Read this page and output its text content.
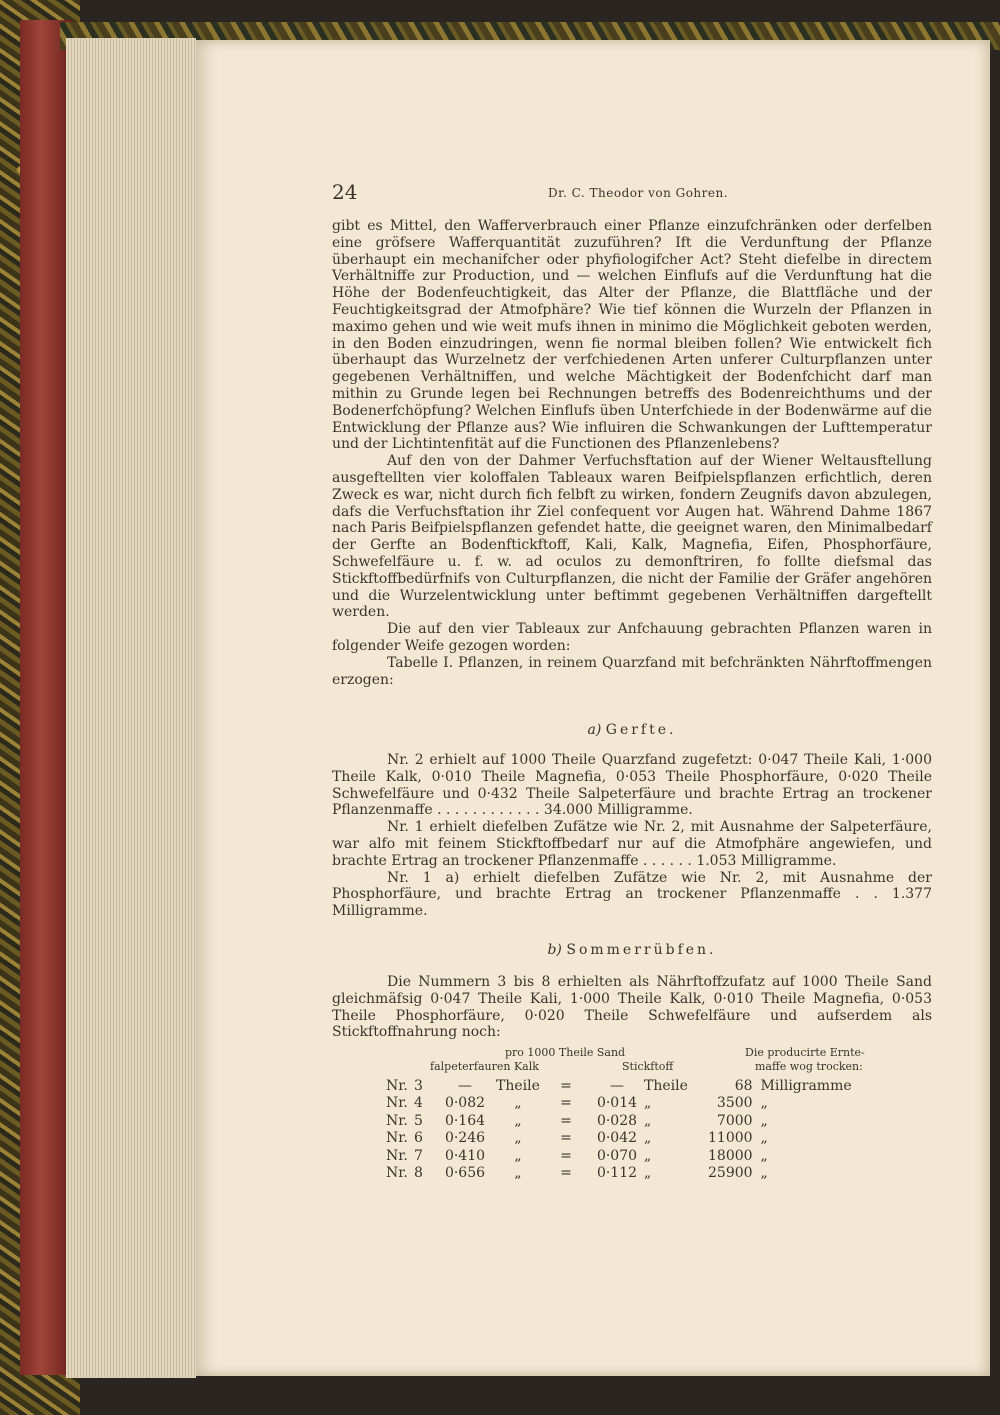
24	Dr. C. Theodor von Gohren.

gibt es Mittel, den Wafferverbrauch einer Pflanze einzufchränken oder derfelben eine gröfsere Wafferquantität zuzuführen? Ift die Verdunftung der Pflanze überhaupt ein mechanifcher oder phyfiologifcher Act? Steht diefelbe in directem Verhältniffe zur Production, und — welchen Einflufs auf die Verdunftung hat die Höhe der Bodenfeuchtigkeit, das Alter der Pflanze, die Blattfläche und der Feuchtigkeitsgrad der Atmofphäre? Wie tief können die Wurzeln der Pflanzen in maximo gehen und wie weit mufs ihnen in minimo die Möglichkeit geboten werden, in den Boden einzudringen, wenn fie normal bleiben follen? Wie entwickelt fich überhaupt das Wurzelnetz der verfchiedenen Arten unferer Culturpflanzen unter gegebenen Verhältniffen, und welche Mächtigkeit der Bodenfchicht darf man mithin zu Grunde legen bei Rechnungen betreffs des Bodenreichthums und der Bodenerfchöpfung? Welchen Einflufs üben Unterfchiede in der Bodenwärme auf die Entwicklung der Pflanze aus? Wie influiren die Schwankungen der Lufttemperatur und der Lichtintenfität auf die Functionen des Pflanzenlebens?

Auf den von der Dahmer Verfuchsftation auf der Wiener Weltausftellung ausgeftellten vier koloffalen Tableaux waren Beifpielspflanzen erfichtlich, deren Zweck es war, nicht durch fich felbft zu wirken, fondern Zeugnifs davon abzulegen, dafs die Verfuchsftation ihr Ziel confequent vor Augen hat. Während Dahme 1867 nach Paris Beifpielspflanzen gefendet hatte, die geeignet waren, den Minimalbedarf der Gerfte an Bodenftickftoff, Kali, Kalk, Magnefia, Eifen, Phosphorfäure, Schwefelfäure u. f. w. ad oculos zu demonftriren, fo follte diefsmal das Stickftoffbedürfnifs von Culturpflanzen, die nicht der Familie der Gräfer angehören und die Wurzelentwicklung unter beftimmt gegebenen Verhältniffen dargeftellt werden.

Die auf den vier Tableaux zur Anfchauung gebrachten Pflanzen waren in folgender Weife gezogen worden:

Tabelle I. Pflanzen, in reinem Quarzfand mit befchränkten Nährftoffmengen erzogen:

a) Gerfte.

Nr. 2 erhielt auf 1000 Theile Quarzfand zugefetzt: 0·047 Theile Kali, 1·000 Theile Kalk, 0·010 Theile Magnefia, 0·053 Theile Phosphorfäure, 0·020 Theile Schwefelfäure und 0·432 Theile Salpeterfäure und brachte Ertrag an trockener Pflanzenmaffe . . . . . . . . . . . . 34.000 Milligramme.

Nr. 1 erhielt diefelben Zufätze wie Nr. 2, mit Ausnahme der Salpeterfäure, war alfo mit feinem Stickftoffbedarf nur auf die Atmofphäre angewiefen, und brachte Ertrag an trockener Pflanzenmaffe . . . . . . 1.053 Milligramme.

Nr. 1 a) erhielt diefelben Zufätze wie Nr. 2, mit Ausnahme der Phosphorfäure, und brachte Ertrag an trockener Pflanzenmaffe . . 1.377 Milligramme.

b) Sommerrübfen.

Die Nummern 3 bis 8 erhielten als Nährftoffzufatz auf 1000 Theile Sand gleichmäfsig 0·047 Theile Kali, 1·000 Theile Kalk, 0·010 Theile Magnefia, 0·053 Theile Phosphorfäure, 0·020 Theile Schwefelfäure und aufserdem als Stickftoffnahrung noch:

pro 1000 Theile Sand
falpeterfauren Kalk	Stickftoff
Die producirte Ernte-
maffe wog trocken:
Nr.	3	—	Theile	=	—	Theile	68	Milligramme
Nr.	4	0·082	„	=	0·014	„	3500	„
Nr.	5	0·164	„	=	0·028	„	7000	„
Nr.	6	0·246	„	=	0·042	„	11000	„
Nr.	7	0·410	„	=	0·070	„	18000	„
Nr.	8	0·656	„	=	0·112	„	25900	„
